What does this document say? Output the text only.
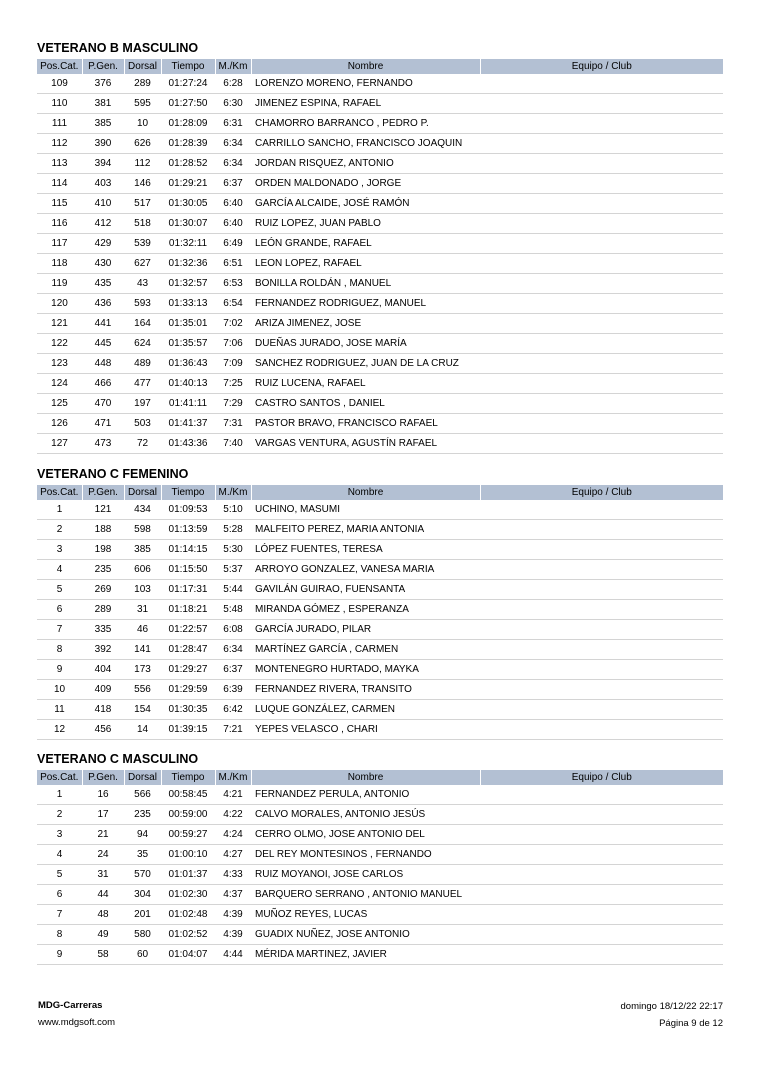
VETERANO B MASCULINO
Pos.Cat.	P.Gen.	Dorsal	Tiempo	M./Km	Nombre	Equipo / Club
109	376	289	01:27:24	6:28	LORENZO MORENO, FERNANDO	
110	381	595	01:27:50	6:30	JIMENEZ ESPINA, RAFAEL	
111	385	10	01:28:09	6:31	CHAMORRO BARRANCO , PEDRO P.	
112	390	626	01:28:39	6:34	CARRILLO SANCHO, FRANCISCO JOAQUIN	
113	394	112	01:28:52	6:34	JORDAN RISQUEZ, ANTONIO	
114	403	146	01:29:21	6:37	ORDEN MALDONADO , JORGE	
115	410	517	01:30:05	6:40	GARCÍA ALCAIDE, JOSÉ RAMÓN	
116	412	518	01:30:07	6:40	RUIZ LOPEZ, JUAN PABLO	
117	429	539	01:32:11	6:49	LEÓN GRANDE, RAFAEL	
118	430	627	01:32:36	6:51	LEON LOPEZ, RAFAEL	
119	435	43	01:32:57	6:53	BONILLA ROLDÁN , MANUEL	
120	436	593	01:33:13	6:54	FERNANDEZ RODRIGUEZ, MANUEL	
121	441	164	01:35:01	7:02	ARIZA JIMENEZ, JOSE	
122	445	624	01:35:57	7:06	DUEÑAS JURADO, JOSE MARÍA	
123	448	489	01:36:43	7:09	SANCHEZ RODRIGUEZ, JUAN DE LA CRUZ	
124	466	477	01:40:13	7:25	RUIZ LUCENA, RAFAEL	
125	470	197	01:41:11	7:29	CASTRO SANTOS , DANIEL	
126	471	503	01:41:37	7:31	PASTOR BRAVO, FRANCISCO RAFAEL	
127	473	72	01:43:36	7:40	VARGAS VENTURA, AGUSTÍN RAFAEL	
VETERANO C FEMENINO
Pos.Cat.	P.Gen.	Dorsal	Tiempo	M./Km	Nombre	Equipo / Club
1	121	434	01:09:53	5:10	UCHINO, MASUMI	
2	188	598	01:13:59	5:28	MALFEITO PEREZ, MARIA ANTONIA	
3	198	385	01:14:15	5:30	LÓPEZ FUENTES, TERESA	
4	235	606	01:15:50	5:37	ARROYO GONZALEZ, VANESA MARIA	
5	269	103	01:17:31	5:44	GAVILÁN GUIRAO, FUENSANTA	
6	289	31	01:18:21	5:48	MIRANDA GÓMEZ , ESPERANZA	
7	335	46	01:22:57	6:08	GARCÍA JURADO, PILAR	
8	392	141	01:28:47	6:34	MARTÍNEZ GARCÍA , CARMEN	
9	404	173	01:29:27	6:37	MONTENEGRO HURTADO, MAYKA	
10	409	556	01:29:59	6:39	FERNANDEZ RIVERA, TRANSITO	
11	418	154	01:30:35	6:42	LUQUE GONZÁLEZ, CARMEN	
12	456	14	01:39:15	7:21	YEPES VELASCO , CHARI	
VETERANO C MASCULINO
Pos.Cat.	P.Gen.	Dorsal	Tiempo	M./Km	Nombre	Equipo / Club
1	16	566	00:58:45	4:21	FERNANDEZ PERULA, ANTONIO	
2	17	235	00:59:00	4:22	CALVO MORALES, ANTONIO JESÚS	
3	21	94	00:59:27	4:24	CERRO OLMO, JOSE ANTONIO DEL	
4	24	35	01:00:10	4:27	DEL REY MONTESINOS , FERNANDO	
5	31	570	01:01:37	4:33	RUIZ MOYANOI, JOSE CARLOS	
6	44	304	01:02:30	4:37	BARQUERO SERRANO , ANTONIO MANUEL	
7	48	201	01:02:48	4:39	MUÑOZ REYES, LUCAS	
8	49	580	01:02:52	4:39	GUADIX NUÑEZ, JOSE ANTONIO	
9	58	60	01:04:07	4:44	MÉRIDA MARTINEZ, JAVIER	
MDG-Carreras
www.mdgsoft.com
domingo 18/12/22 22:17
Página 9 de 12
